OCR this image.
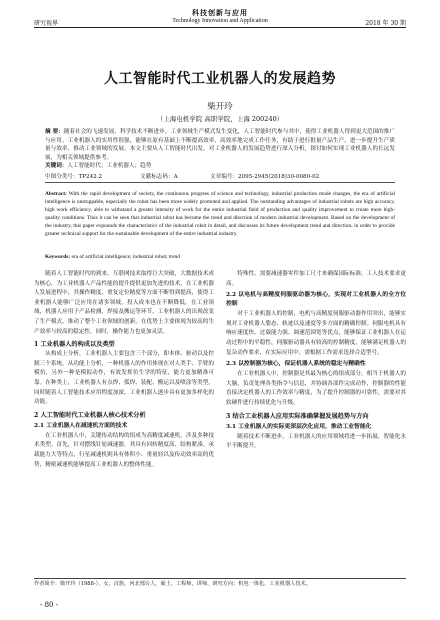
科技创新与应用
研究视界	Technology Innovation and Application	2018 年 30 期
人工智能时代工业机器人的发展趋势
柴开玲
（上海电机学院 高职学院，上海 200240）
摘 要：随着社会的飞速发展，科学技术不断进步，工业领域生产模式发生变化，人工智能时代参与其中，使得工业机器人得到更大范围的推广与应用。工业机器人的实用性很强，能够在原有基础上不断提高效率，高效率地完成工作任务，有助于进行批量产品生产，进一步提升生产质量与效率，推动工业领域的发展。本文主要从人工智能时代出发，对工业机器人的发展趋势进行深入分析，探讨如何实现工业机器人的长远发展，为相关领域提供参考。
关键词：人工智能时代；工业机器人；趋势
中图分类号：TP242.2	文献标志码：A	文章编号：2095-2945(2018)30-0080-02
Abstract: With the rapid development of society, the continuous progress of science and technology, industrial production mode changes, the era of artificial intelligence is unstoppable, especially the robot has been more widely promoted and applied. The outstanding advantages of industrial robots are high accuracy, high work efficiency, able to withstand a greater intensity of work for the entire industrial field of production and quality improvement to create more high-quality conditions. Thus it can be seen that industrial robot has become the trend and direction of modern industrial development. Based on the development of the industry, this paper expounds the characteristics of the industrial robot in detail, and discusses its future development trend and direction, in order to provide greater technical support for the sustainable development of the entire industrial industry.
Keywords: era of artificial intelligence; industrial robot; trend

随着人工智能时代的到来，互联网技术取得巨大突破，大数据技术成为核心，为工业机器人产品性能的提升提供更加先进的技术，在工业机器人发展进程中，其操作精度、重复定位精度等方面不断得到提高，使得工业机器人能够广泛应用在诸多领域，投入成本也在不断降低。在工业领域，机器人应用于产品检测、焊接及搬运等环节，工业机器人的出现改变了生产模式，推动了整个工业领域的创新，在优势上主要体现为较高的生产效率与较高的稳定性，同时，操作能力也更加灵活。

1 工业机器人的构成以及类型

从构成上分析，工业机器人主要包含三个部分，即本体、驱动以及控制三个系统。从功能上分析，一种机器人的作用体现在对人类手、手臂的模仿，另外一种是模拟动作，有效发挥仿生学的特征，能力更加精准可靠。在种类上，工业机器人有点焊、弧焊、装配、搬运以及喷涂等类型，同时随着人工智能技术应用程度加深，工业机器人逐步具有更加多样化的功能。

2 人工智能时代工业机器人核心技术分析
2.1 工业机器人在减速机方面的技术

在工业机器人中，关键传动结构的组成为高精度减速机，涉及多种技术类型。首先，针对摆线针轮减速器，其具有回转精度高、结构紧凑、承载能力大等特点，行星减速机则具有体积小、重量轻以及传动效率高的优势，精密减速机能够提高工业机器人的整体性能。

特殊性，需要减速器零件加工尺寸来确保国际标准，工人技术要求更高。

2.2 以电机与高精度伺服驱动器为核心，实现对工业机器人的全方位控制

对于工业机器人的控制，电机与高精度伺服驱动器作用突出，能够实现对工业机器人姿态、轨迹以及速度等多方面的精确控制。伺服电机具有响应速度快、过载能力强、调速范围宽等优点，能够保证工业机器人在运动过程中的平稳性，伺服驱动器具有较高的控制精度，能够满足机器人的复杂动作要求，在实际应用中，需根据工作需求选择合适型号。

2.3 以控制器为核心，保证机器人系统的稳定与精确性

在工业机器人中，控制器是其最为核心的组成部分，相当于机器人的大脑，负责处理各类指令与信息，并协调各部件完成动作，控制器的性能直接决定机器人的工作效率与精度，为了提升控制器的可靠性，需要对其软硬件进行持续优化与升级。

3 结合工业机器人应用实际准确掌握发展趋势与方向
3.1 工业机器人的实际更深层次化应用，推动工业智能化

随着技术不断进步，工业机器人的应用领域将进一步拓展，智能化水平不断提升。

作者简介：柴开玲（1988-），女，汉族，河北邢台人，硕士，工程师，讲师，研究方向：机电一体化、工业机器人技术。
- 80 -
